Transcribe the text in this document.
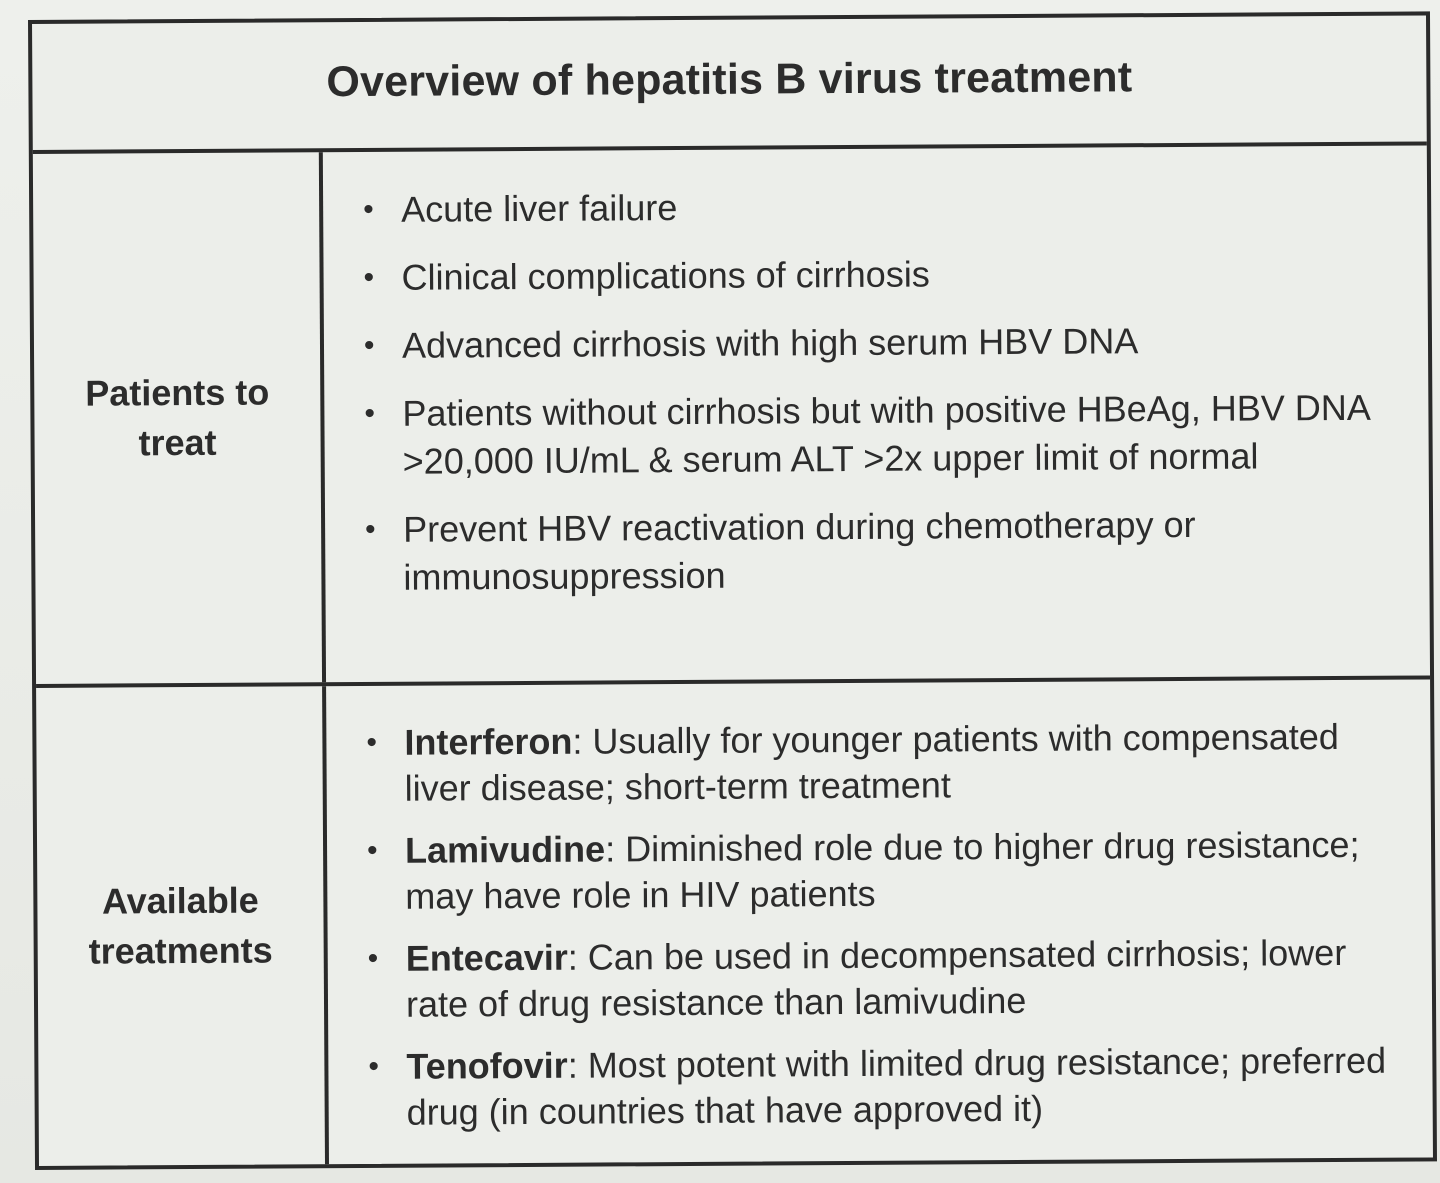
Overview of hepatitis B virus treatment
Patients to
treat
• Acute liver failure
• Clinical complications of cirrhosis
• Advanced cirrhosis with high serum HBV DNA
• Patients without cirrhosis but with positive HBeAg, HBV DNA >20,000 IU/mL & serum ALT >2x upper limit of normal
• Prevent HBV reactivation during chemotherapy or immunosuppression
Available
treatments
• Interferon: Usually for younger patients with compensated liver disease; short-term treatment
• Lamivudine: Diminished role due to higher drug resistance; may have role in HIV patients
• Entecavir: Can be used in decompensated cirrhosis; lower rate of drug resistance than lamivudine
• Tenofovir: Most potent with limited drug resistance; preferred drug (in countries that have approved it)
